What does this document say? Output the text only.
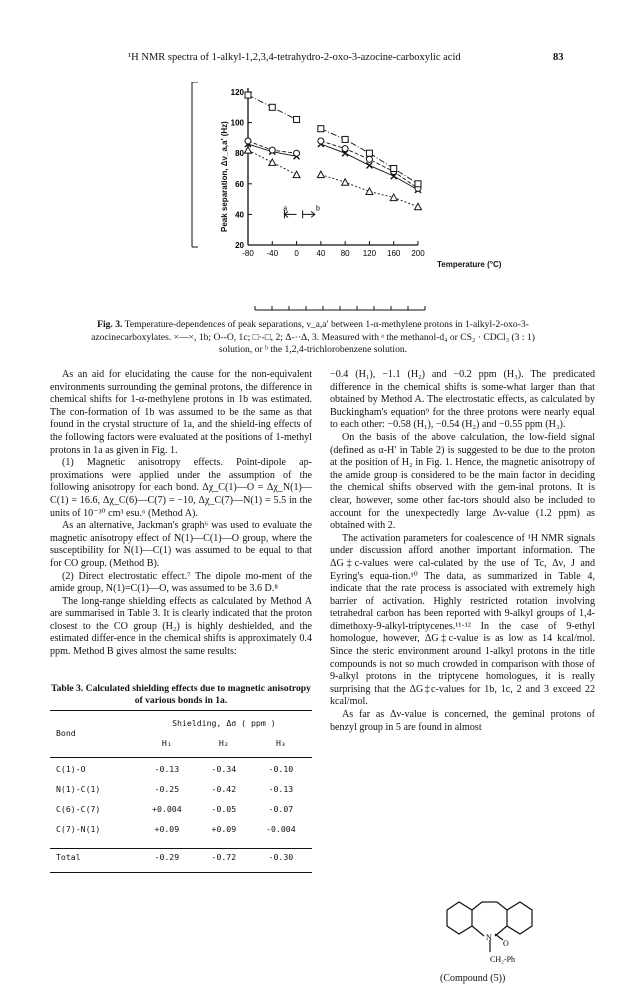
¹H NMR spectra of 1-alkyl-1,2,3,4-tetrahydro-2-oxo-3-azocine-carboxylic acid	83
20
40
60
80
100
120
-80 -40 0 40 80 120 160 200
a	b
Peak separation, Δν_a,a′ (Hz)
Temperature (°C)
Fig. 3. Temperature-dependences of peak separations, ν_a,a′ between 1-α-methylene protons in 1-alkyl-2-oxo-3-azocinecarboxylates. ×—×, 1b; O--O, 1c; □·-□, 2; Δ-··Δ, 3. Measured with ᵃ the methanol-d₄ or CS₂ · CDCl₃ (3 : 1) solution, or ᵇ the 1,2,4-trichlorobenzene solution.

As an aid for elucidating the cause for the non-equivalent environments surrounding the geminal protons, the difference in chemical shifts for 1-α-methylene protons in 1b was estimated. The con-formation of 1b was assumed to be the same as that found in the crystal structure of 1a, and the shield-ing effects of the following factors were evaluated at the positions of 1-methyl protons in 1a as given in Fig. 1.

(1) Magnetic anisotropy effects. Point-dipole ap-proximations were applied under the assumption of the following anisotropy for each bond. Δχ_C(1)—O = Δχ_N(1)—C(1) = 16.6, Δχ_C(6)—C(7) = −10, Δχ_C(7)—N(1) = 5.5 in the units of 10⁻³⁰ cm³ esu.⁶ (Method A).

As an alternative, Jackman's graph⁶ was used to evaluate the magnetic anisotropy effect of N(1)—C(1)—O group, where the susceptibility for N(1)—C(1) was assumed to be equal to that for CO group. (Method B).

(2) Direct electrostatic effect.⁷ The dipole mo-ment of the amide group, N(1)=C(1)—O, was assumed to be 3.6 D.⁸

The long-range shielding effects as calculated by Method A are summarised in Table 3. It is clearly indicated that the proton closest to the CO group (H₂) is highly deshielded, and the estimated differ-ence in the chemical shifts is approximately 0.4 ppm. Method B gives almost the same results:

Table 3. Calculated shielding effects due to magnetic anisotropy of various bonds in 1a.
Bond	Shielding, Δσ ( ppm )		
	H₁	H₂	H₃

C(1)-O	-0.13	-0.34	-0.10
N(1)-C(1)	-0.25	-0.42	-0.13
C(6)-C(7)	+0.004	-0.05	-0.07
C(7)-N(1)	+0.09	+0.09	-0.004

Total	-0.29	-0.72	-0.30

−0.4 (H₁), −1.1 (H₂) and −0.2 ppm (H₃). The predicated difference in the chemical shifts is some-what larger than that obtained by Method A. The electrostatic effects, as calculated by Buckingham's equation⁹ for the three protons were nearly equal to each other: −0.58 (H₁), −0.54 (H₂) and −0.55 ppm (H₃).

On the basis of the above calculation, the low-field signal (defined as α-H′ in Table 2) is suggested to be due to the proton at the position of H₂ in Fig. 1. Hence, the magnetic anisotropy of the amide group is considered to be the main factor in deciding the chemical shifts observed with the gem-inal protons. It is clear, however, some other fac-tors should also be included to account for the unexpectedly large Δν-value (1.2 ppm) as obtained with 2.

The activation parameters for coalescence of ¹H NMR signals under discussion afford another important information. The ΔG‡c-values were cal-culated by the use of Tc, Δν, J and Eyring's equa-tion.¹⁰ The data, as summarized in Table 4, indicate that the rate process is associated with extremely high barrier of activation. Highly restricted rotation involving tetrahedral carbon has been reported with 9-alkyl groups of 1,4-dimethoxy-9-alkyl-triptycenes.¹¹·¹² In the case of 9-ethyl homologue, however, ΔG‡c-value is as low as 14 kcal/mol. Since the steric environment around 1-alkyl protons in the title compounds is not so much crowded in comparison with those of 9-alkyl protons in the triptycene homologues, it is really surprising that the ΔG‡c-values for 1b, 1c, 2 and 3 exceed 22 kcal/mol.

As far as Δν-value is concerned, the geminal protons of benzyl group in 5 are found in almost

N
O
CH₂-Ph
(Compound (5))
